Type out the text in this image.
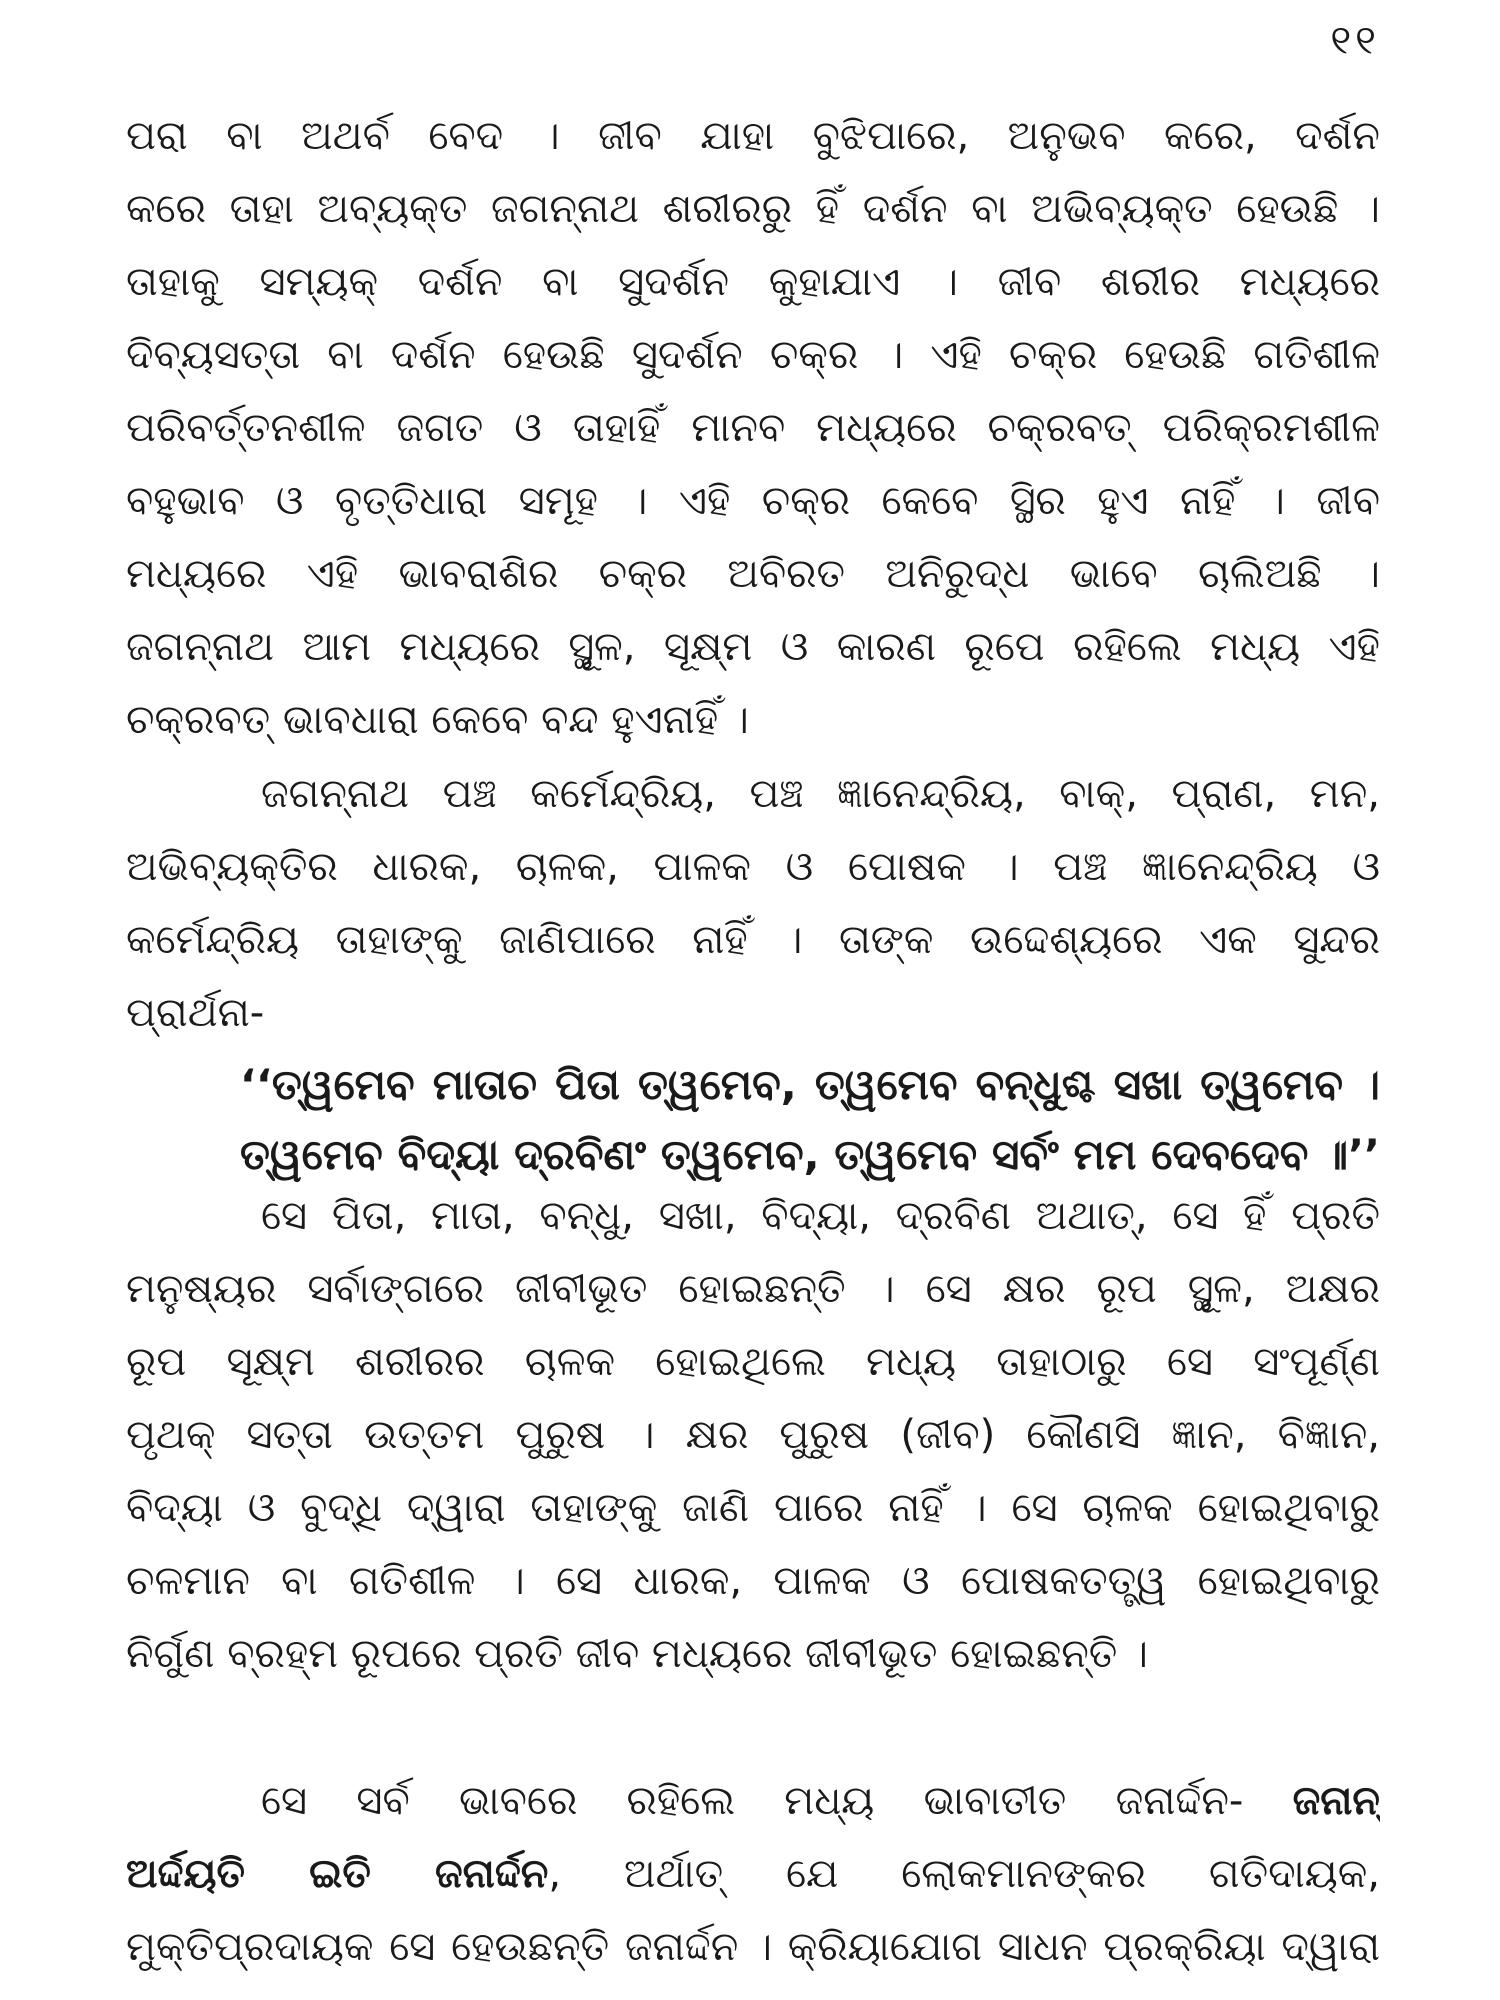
୧୧
ପରା ବା ଅଥର୍ବ ବେଦ । ଜୀବ ଯାହା ବୁଝିପାରେ, ଅନୁଭବ କରେ, ଦର୍ଶନ
କରେ ତାହା ଅବ୍ୟକ୍ତ ଜଗନ୍ନାଥ ଶରୀରରୁ ହିଁ ଦର୍ଶନ ବା ଅଭିବ୍ୟକ୍ତ ହେଉଛି ।
ତାହାକୁ ସମ୍ୟକ୍ ଦର୍ଶନ ବା ସୁଦର୍ଶନ କୁହାଯାଏ । ଜୀବ ଶରୀର ମଧ୍ୟରେ
ଦିବ୍ୟସତ୍ତା ବା ଦର୍ଶନ ହେଉଛି ସୁଦର୍ଶନ ଚକ୍ର । ଏହି ଚକ୍ର ହେଉଛି ଗତିଶୀଳ
ପରିବର୍ତ୍ତନଶୀଳ ଜଗତ ଓ ତାହାହିଁ ମାନବ ମଧ୍ୟରେ ଚକ୍ରବତ୍ ପରିକ୍ରମଶୀଳ
ବହୁଭାବ ଓ ବୃତ୍ତିଧାରା ସମୂହ । ଏହି ଚକ୍ର କେବେ ସ୍ଥିର ହୁଏ ନାହିଁ । ଜୀବ
ମଧ୍ୟରେ ଏହି ଭାବରାଶିର ଚକ୍ର ଅବିରତ ଅନିରୁଦ୍ଧ ଭାବେ ଚାଲିଅଛି ।
ଜଗନ୍ନାଥ ଆମ ମଧ୍ୟରେ ସ୍ଥୂଳ, ସୂକ୍ଷ୍ମ ଓ କାରଣ ରୂପେ ରହିଲେ ମଧ୍ୟ ଏହି
ଚକ୍ରବତ୍ ଭାବଧାରା କେବେ ବନ୍ଦ ହୁଏନାହିଁ ।
ଜଗନ୍ନାଥ ପଞ୍ଚ କର୍ମେନ୍ଦ୍ରିୟ, ପଞ୍ଚ ଜ୍ଞାନେନ୍ଦ୍ରିୟ, ବାକ୍, ପ୍ରାଣ, ମନ,
ଅଭିବ୍ୟକ୍ତିର ଧାରକ, ଚାଳକ, ପାଳକ ଓ ପୋଷକ । ପଞ୍ଚ ଜ୍ଞାନେନ୍ଦ୍ରିୟ ଓ
କର୍ମେନ୍ଦ୍ରିୟ ତାହାଙ୍କୁ ଜାଣିପାରେ ନାହିଁ । ତାଙ୍କ ଉଦ୍ଦେଶ୍ୟରେ ଏକ ସୁନ୍ଦର
ପ୍ରାର୍ଥନା-
‘‘ତ୍ୱମେବ ମାତାଚ ପିତା ତ୍ୱମେବ, ତ୍ୱମେବ ବନ୍ଧୁଶ୍ଚ ସଖା ତ୍ୱମେବ ।
ତ୍ୱମେବ ବିଦ୍ୟା ଦ୍ରବିଣଂ ତ୍ୱମେବ, ତ୍ୱମେବ ସର୍ବଂ ମମ ଦେବଦେବ ॥’’
ସେ ପିତା, ମାତା, ବନ୍ଧୁ, ସଖା, ବିଦ୍ୟା, ଦ୍ରବିଣ ଅଥାତ୍, ସେ ହିଁ ପ୍ରତି
ମନୁଷ୍ୟର ସର୍ବାଙ୍ଗରେ ଜୀବୀଭୂତ ହୋଇଛନ୍ତି । ସେ କ୍ଷର ରୂପ ସ୍ଥୂଳ, ଅକ୍ଷର
ରୂପ ସୂକ୍ଷ୍ମ ଶରୀରର ଚାଳକ ହୋଇଥିଲେ ମଧ୍ୟ ତାହାଠାରୁ ସେ ସଂପୂର୍ଣ୍ଣ
ପୃଥକ୍ ସତ୍ତା ଉତ୍ତମ ପୁରୁଷ । କ୍ଷର ପୁରୁଷ (ଜୀବ) କୌଣସି ଜ୍ଞାନ, ବିଜ୍ଞାନ,
ବିଦ୍ୟା ଓ ବୁଦ୍ଧି ଦ୍ୱାରା ତାହାଙ୍କୁ ଜାଣି ପାରେ ନାହିଁ । ସେ ଚାଳକ ହୋଇଥିବାରୁ
ଚଳମାନ ବା ଗତିଶୀଳ । ସେ ଧାରକ, ପାଳକ ଓ ପୋଷକତତ୍ତ୍ୱ ହୋଇଥିବାରୁ
ନିର୍ଗୁଣ ବ୍ରହ୍ମ ରୂପରେ ପ୍ରତି ଜୀବ ମଧ୍ୟରେ ଜୀବୀଭୂତ ହୋଇଛନ୍ତି ।
ସେ ସର୍ବ ଭାବରେ ରହିଲେ ମଧ୍ୟ ଭାବାତୀତ ଜନାର୍ଦ୍ଦନ- ଜନାନ୍
ଅର୍ଦ୍ଦୟତି ଇତି ଜନାର୍ଦ୍ଦନ, ଅର୍ଥାତ୍ ଯେ ଲୋକମାନଙ୍କର ଗତିଦାୟକ,
ମୁକ୍ତିପ୍ରଦାୟକ ସେ ହେଉଛନ୍ତି ଜନାର୍ଦ୍ଦନ । କ୍ରିୟାଯୋଗ ସାଧନ ପ୍ରକ୍ରିୟା ଦ୍ୱାରା
